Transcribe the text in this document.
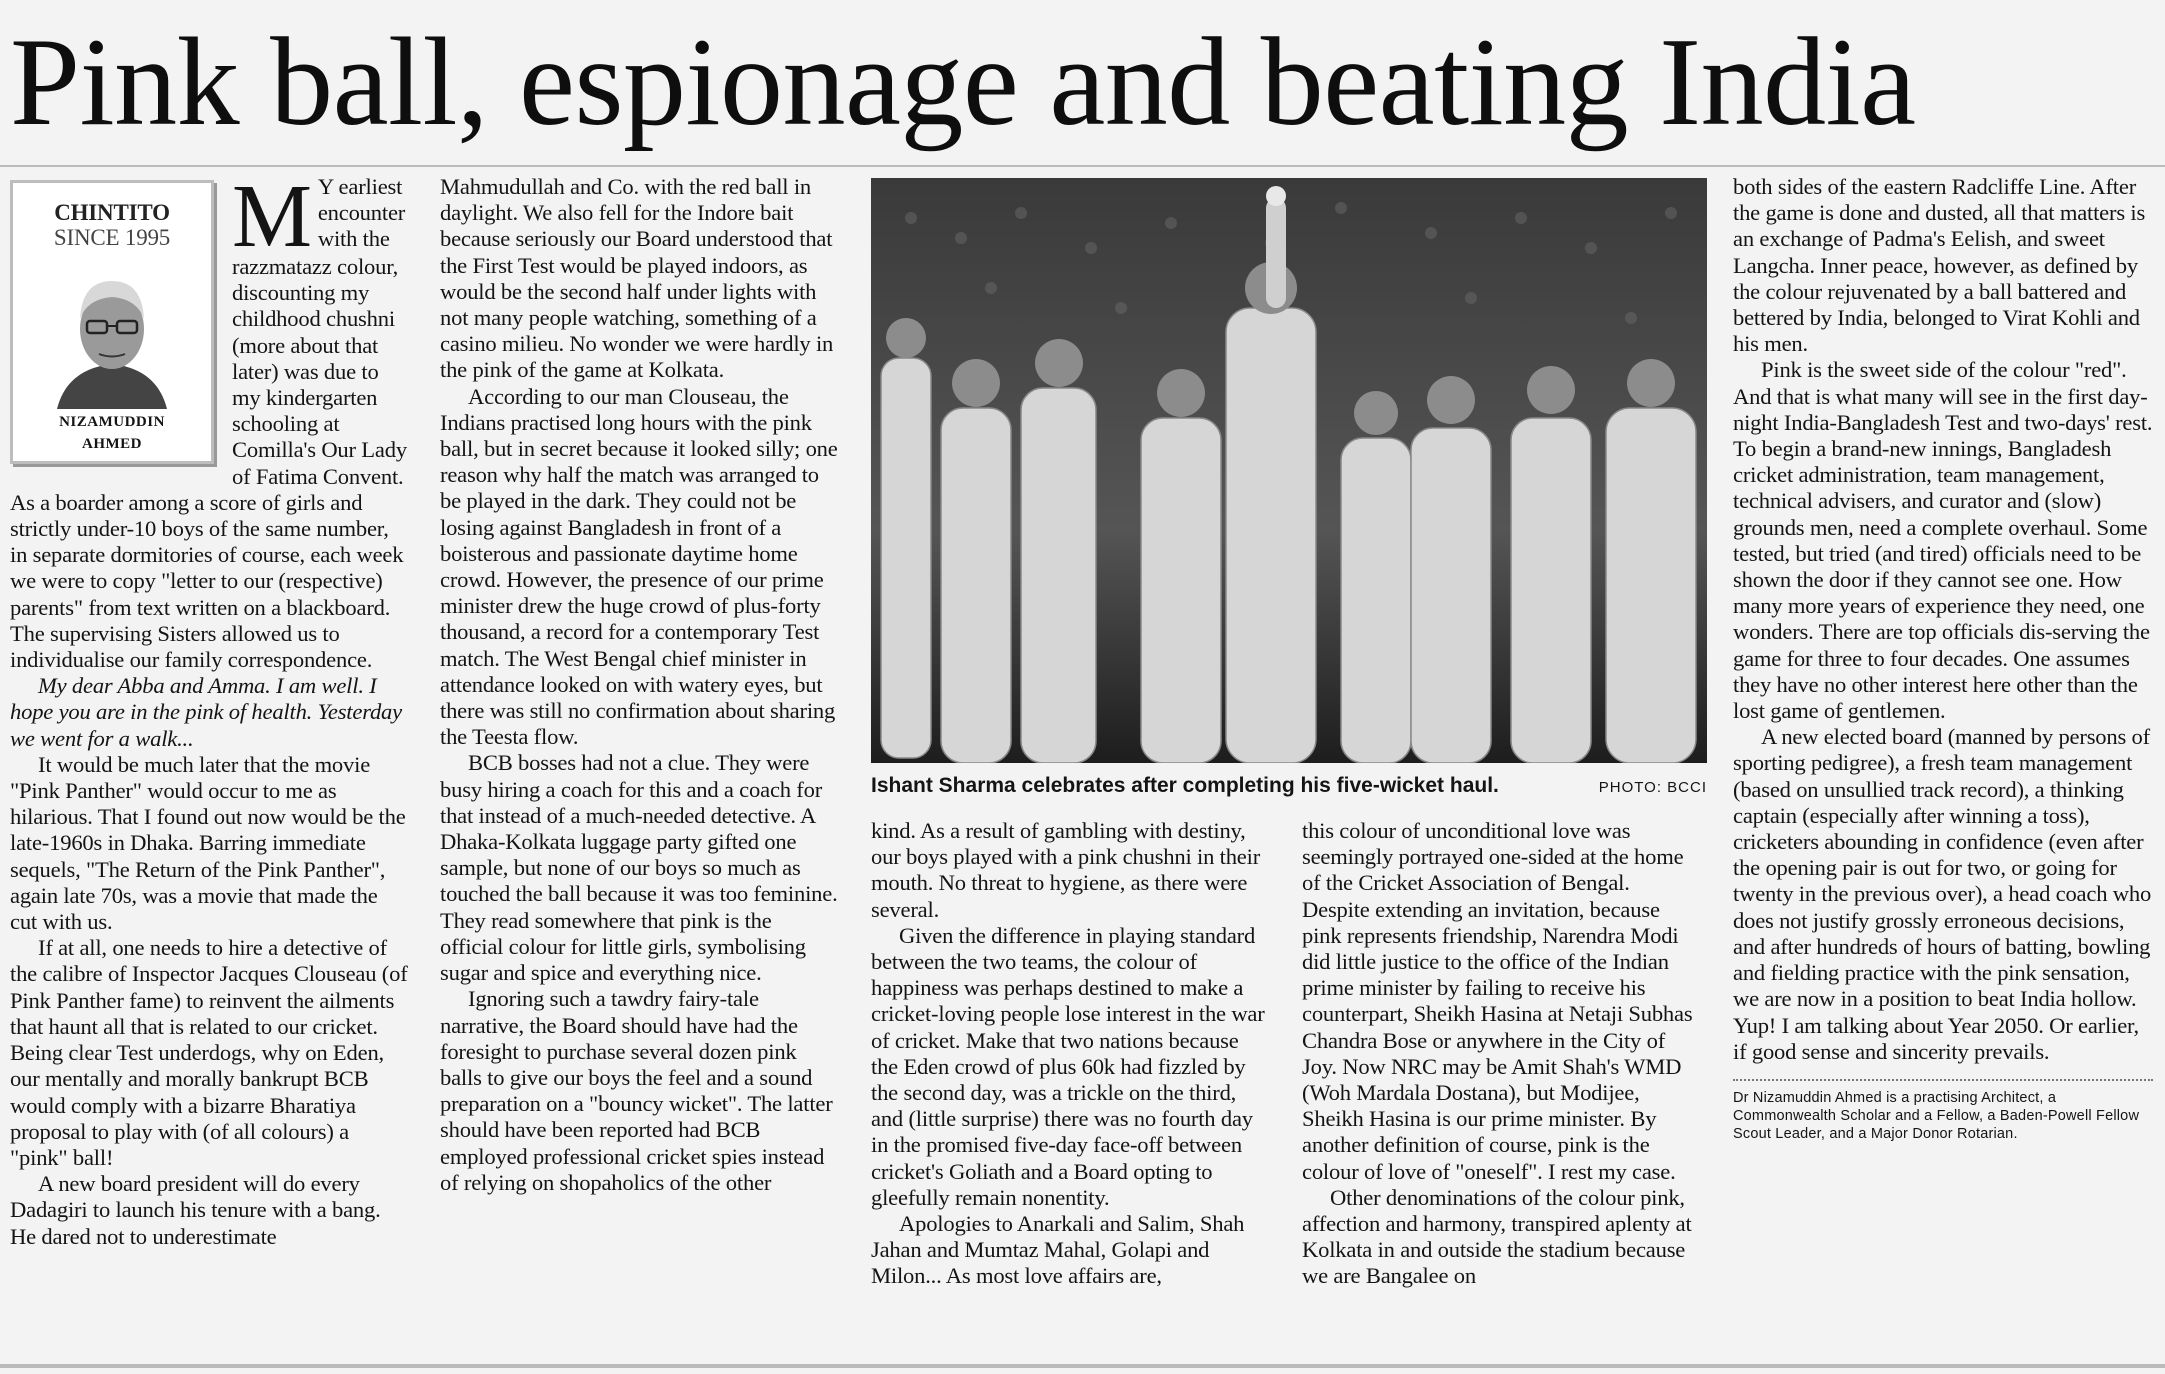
Pink ball, espionage and beating India
CHINTITO
SINCE 1995
NIZAMUDDIN
AHMED
M Y earliest encounter with the razzmatazz colour, discounting my childhood chushni (more about that later) was due to my kindergarten schooling at Comilla's Our Lady of Fatima Convent. As a boarder among a score of girls and strictly under-10 boys of the same number, in separate dormitories of course, each week we were to copy "letter to our (respective) parents" from text written on a blackboard. The supervising Sisters allowed us to individualise our family correspondence.

My dear Abba and Amma. I am well. I hope you are in the pink of health. Yesterday we went for a walk...

It would be much later that the movie "Pink Panther" would occur to me as hilarious. That I found out now would be the late-1960s in Dhaka. Barring immediate sequels, "The Return of the Pink Panther", again late 70s, was a movie that made the cut with us.

If at all, one needs to hire a detective of the calibre of Inspector Jacques Clouseau (of Pink Panther fame) to reinvent the ailments that haunt all that is related to our cricket. Being clear Test underdogs, why on Eden, our mentally and morally bankrupt BCB would comply with a bizarre Bharatiya proposal to play with (of all colours) a "pink" ball!

A new board president will do every Dadagiri to launch his tenure with a bang. He dared not to underestimate

Mahmudullah and Co. with the red ball in daylight. We also fell for the Indore bait because seriously our Board understood that the First Test would be played indoors, as would be the second half under lights with not many people watching, something of a casino milieu. No wonder we were hardly in the pink of the game at Kolkata.

According to our man Clouseau, the Indians practised long hours with the pink ball, but in secret because it looked silly; one reason why half the match was arranged to be played in the dark. They could not be losing against Bangladesh in front of a boisterous and passionate daytime home crowd. However, the presence of our prime minister drew the huge crowd of plus-forty thousand, a record for a contemporary Test match. The West Bengal chief minister in attendance looked on with watery eyes, but there was still no confirmation about sharing the Teesta flow.

BCB bosses had not a clue. They were busy hiring a coach for this and a coach for that instead of a much-needed detective. A Dhaka-Kolkata luggage party gifted one sample, but none of our boys so much as touched the ball because it was too feminine. They read somewhere that pink is the official colour for little girls, symbolising sugar and spice and everything nice.

Ignoring such a tawdry fairy-tale narrative, the Board should have had the foresight to purchase several dozen pink balls to give our boys the feel and a sound preparation on a "bouncy wicket". The latter should have been reported had BCB employed professional cricket spies instead of relying on shopaholics of the other

Ishant Sharma celebrates after completing his five-wicket haul.	PHOTO: BCCI

kind. As a result of gambling with destiny, our boys played with a pink chushni in their mouth. No threat to hygiene, as there were several.

Given the difference in playing standard between the two teams, the colour of happiness was perhaps destined to make a cricket-loving people lose interest in the war of cricket. Make that two nations because the Eden crowd of plus 60k had fizzled by the second day, was a trickle on the third, and (little surprise) there was no fourth day in the promised five-day face-off between cricket's Goliath and a Board opting to gleefully remain nonentity.

Apologies to Anarkali and Salim, Shah Jahan and Mumtaz Mahal, Golapi and Milon... As most love affairs are,

this colour of unconditional love was seemingly portrayed one-sided at the home of the Cricket Association of Bengal. Despite extending an invitation, because pink represents friendship, Narendra Modi did little justice to the office of the Indian prime minister by failing to receive his counterpart, Sheikh Hasina at Netaji Subhas Chandra Bose or anywhere in the City of Joy. Now NRC may be Amit Shah's WMD (Woh Mardala Dostana), but Modijee, Sheikh Hasina is our prime minister. By another definition of course, pink is the colour of love of "oneself". I rest my case.

Other denominations of the colour pink, affection and harmony, transpired aplenty at Kolkata in and outside the stadium because we are Bangalee on

both sides of the eastern Radcliffe Line. After the game is done and dusted, all that matters is an exchange of Padma's Eelish, and sweet Langcha. Inner peace, however, as defined by the colour rejuvenated by a ball battered and bettered by India, belonged to Virat Kohli and his men.

Pink is the sweet side of the colour "red". And that is what many will see in the first day-night India-Bangladesh Test and two-days' rest. To begin a brand-new innings, Bangladesh cricket administration, team management, technical advisers, and curator and (slow) grounds men, need a complete overhaul. Some tested, but tried (and tired) officials need to be shown the door if they cannot see one. How many more years of experience they need, one wonders. There are top officials dis-serving the game for three to four decades. One assumes they have no other interest here other than the lost game of gentlemen.

A new elected board (manned by persons of sporting pedigree), a fresh team management (based on unsullied track record), a thinking captain (especially after winning a toss), cricketers abounding in confidence (even after the opening pair is out for two, or going for twenty in the previous over), a head coach who does not justify grossly erroneous decisions, and after hundreds of hours of batting, bowling and fielding practice with the pink sensation, we are now in a position to beat India hollow. Yup! I am talking about Year 2050. Or earlier, if good sense and sincerity prevails.

Dr Nizamuddin Ahmed is a practising Architect, a Commonwealth Scholar and a Fellow, a Baden-Powell Fellow Scout Leader, and a Major Donor Rotarian.
